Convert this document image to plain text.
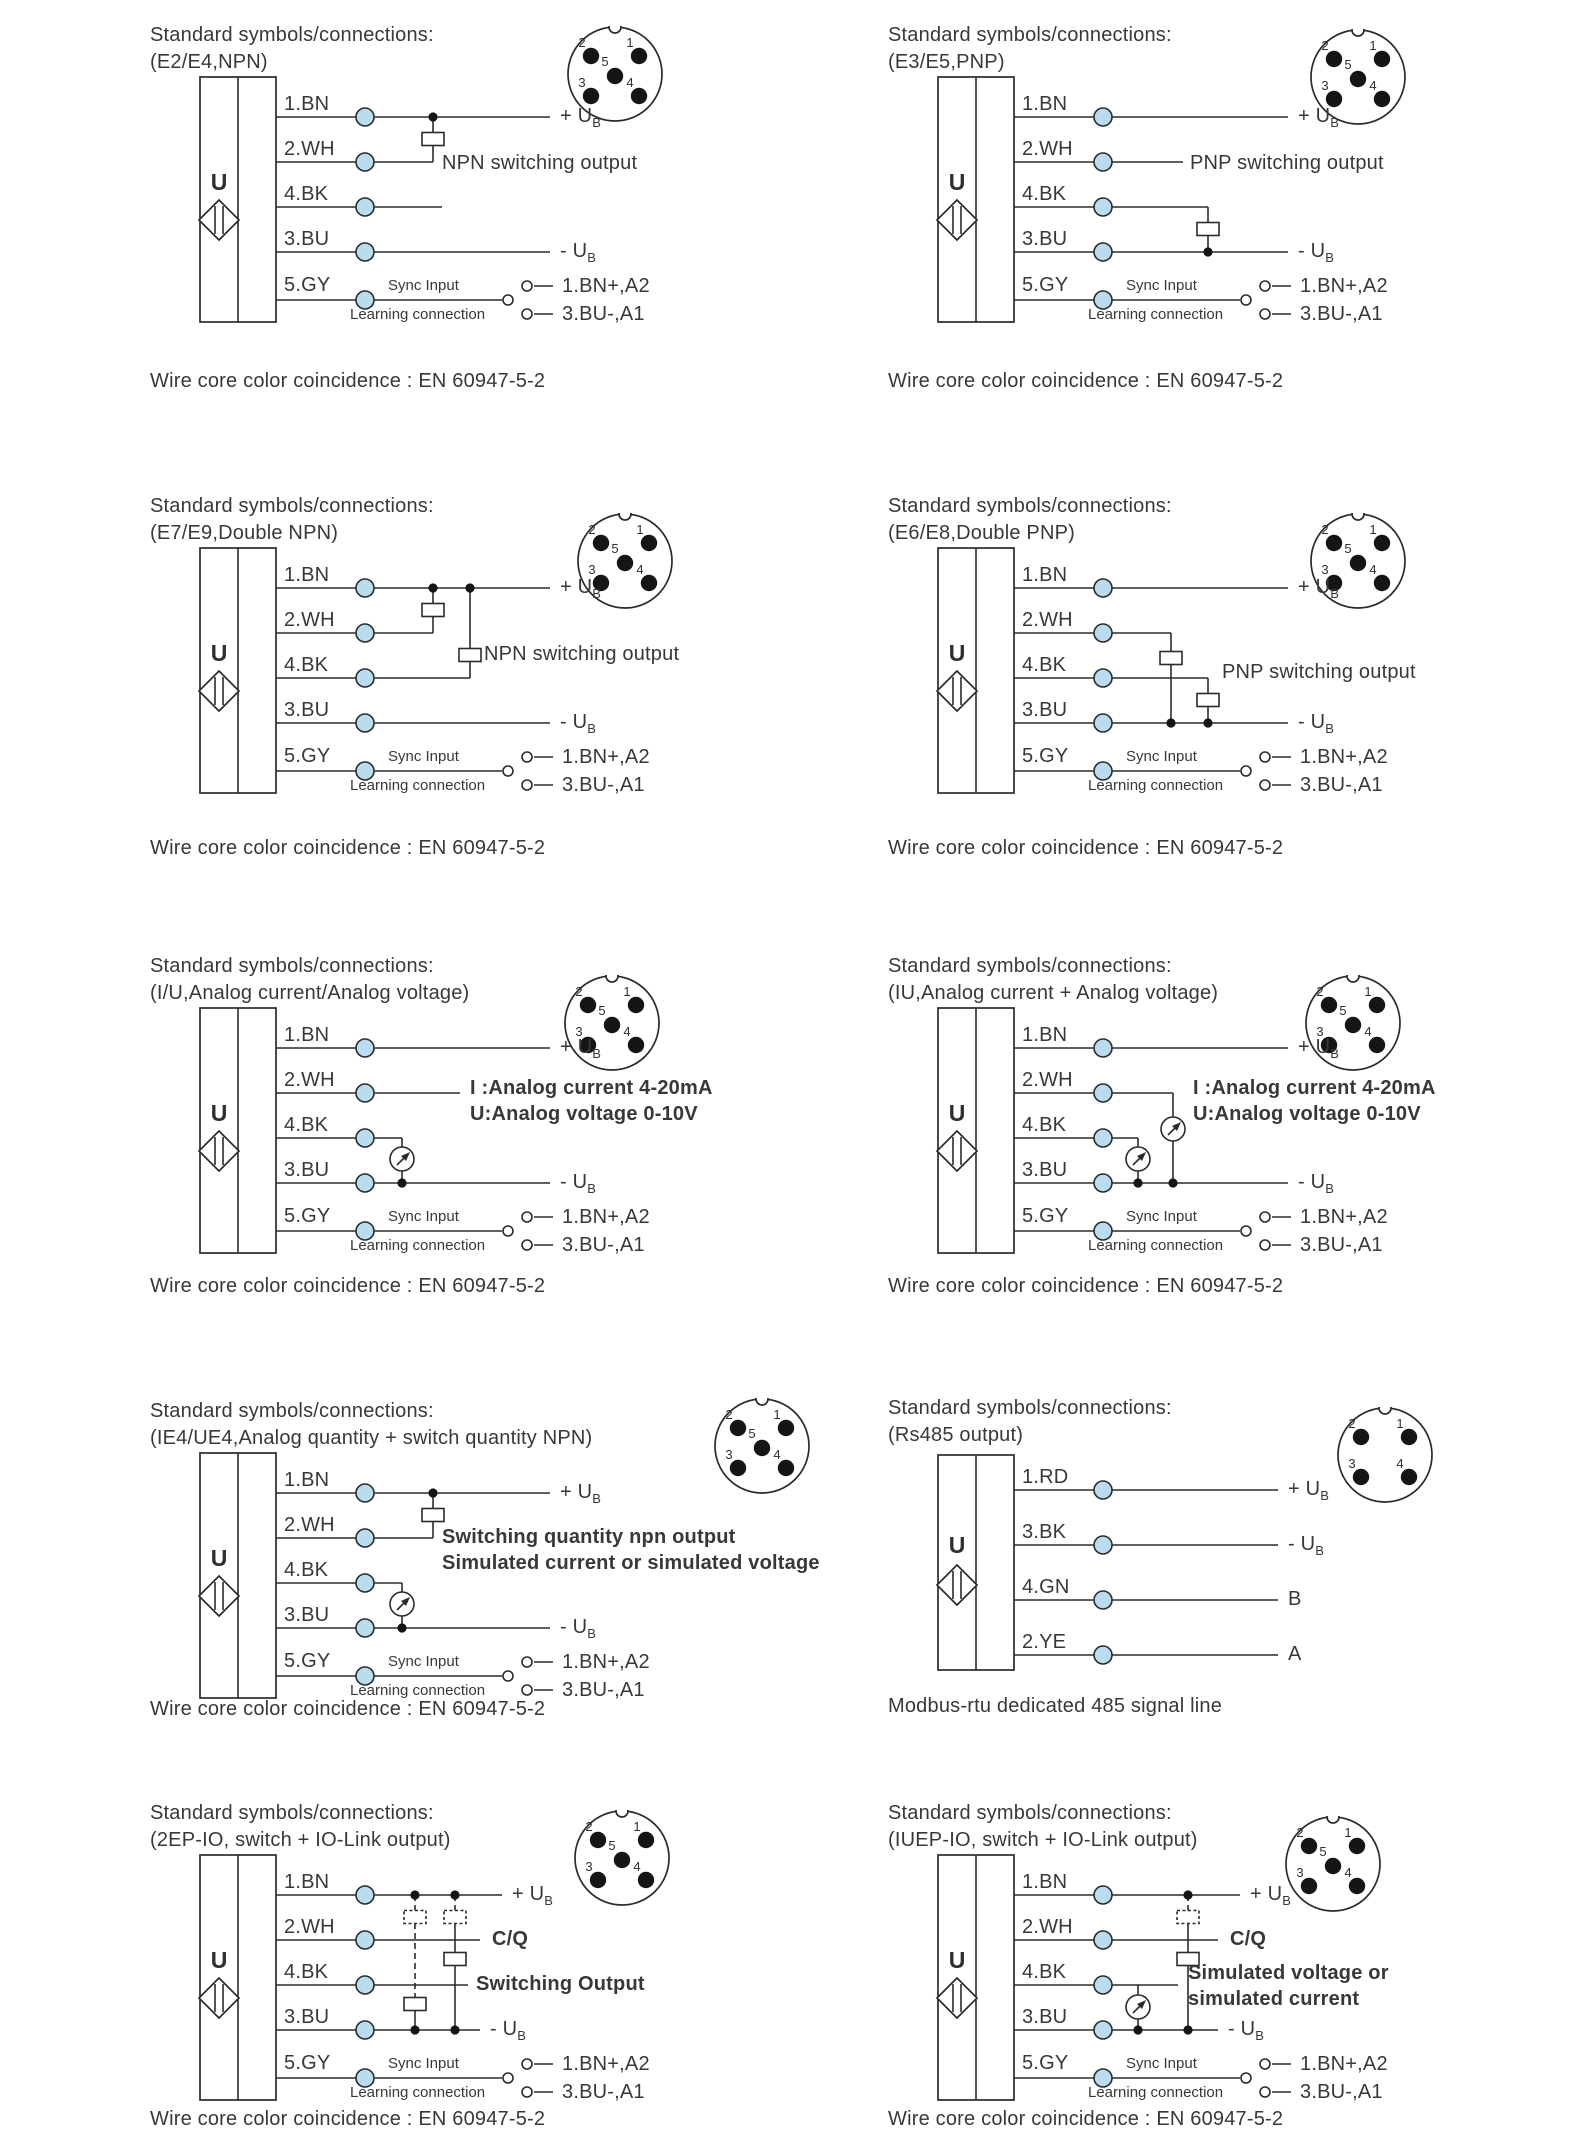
Standard symbols/connections:
(E2/E4,NPN)
U
2	1
5
3	4
1.BN
2.WH
4.BK
3.BU
5.GY
+ $U_B$
- $U_B$
NPN switching output
Sync Input
Learning connection
1.BN+,A2
3.BU-,A1
Wire core color coincidence : EN 60947-5-2
Standard symbols/connections:
(E3/E5,PNP)
U
2	1
5
3	4
1.BN
2.WH
4.BK
3.BU
5.GY
+ $U_B$
- $U_B$
PNP switching output
Sync Input
Learning connection
1.BN+,A2
3.BU-,A1
Wire core color coincidence : EN 60947-5-2
Standard symbols/connections:
(E7/E9,Double NPN)
U
2	1
5
3	4
1.BN
2.WH
4.BK
3.BU
5.GY
+ $U_B$
- $U_B$
NPN switching output
Sync Input
Learning connection
1.BN+,A2
3.BU-,A1
Wire core color coincidence : EN 60947-5-2
Standard symbols/connections:
(E6/E8,Double PNP)
U
2	1
5
3	4
1.BN
2.WH
4.BK
3.BU
5.GY
+ $U_B$
- $U_B$
PNP switching output
Sync Input
Learning connection
1.BN+,A2
3.BU-,A1
Wire core color coincidence : EN 60947-5-2
Standard symbols/connections:
(I/U,Analog current/Analog voltage)
U
2	1
5
3	4
1.BN
2.WH
4.BK
3.BU
5.GY
+ $U_B$
- $U_B$
I :Analog current 4-20mA
U:Analog voltage 0-10V
Sync Input
Learning connection
1.BN+,A2
3.BU-,A1
Wire core color coincidence : EN 60947-5-2
Standard symbols/connections:
(IU,Analog current + Analog voltage)
U
2	1
5
3	4
1.BN
2.WH
4.BK
3.BU
5.GY
+ $U_B$
- $U_B$
I :Analog current 4-20mA
U:Analog voltage 0-10V
Sync Input
Learning connection
1.BN+,A2
3.BU-,A1
Wire core color coincidence : EN 60947-5-2
Standard symbols/connections:
(IE4/UE4,Analog quantity + switch quantity NPN)
U
2	1
5
3	4
1.BN
2.WH
4.BK
3.BU
5.GY
+ $U_B$
- $U_B$
Switching quantity npn output
Simulated current or simulated voltage
Sync Input
Learning connection
1.BN+,A2
3.BU-,A1
Wire core color coincidence : EN 60947-5-2
Standard symbols/connections:
(Rs485 output)
U
2	1
3	4
1.RD
3.BK
4.GN
2.YE
+ $U_B$
- $U_B$
B
A
Modbus-rtu dedicated 485 signal line
Standard symbols/connections:
(2EP-IO, switch + IO-Link output)
U
2	1
5
3	4
1.BN
2.WH
4.BK
3.BU
5.GY
+ $U_B$
- $U_B$
C/Q
Switching Output
Sync Input
Learning connection
1.BN+,A2
3.BU-,A1
Wire core color coincidence : EN 60947-5-2
Standard symbols/connections:
(IUEP-IO, switch + IO-Link output)
U
2	1
5
3	4
1.BN
2.WH
4.BK
3.BU
5.GY
+ $U_B$
- $U_B$
C/Q
Simulated voltage or
simulated current
Sync Input
Learning connection
1.BN+,A2
3.BU-,A1
Wire core color coincidence : EN 60947-5-2
